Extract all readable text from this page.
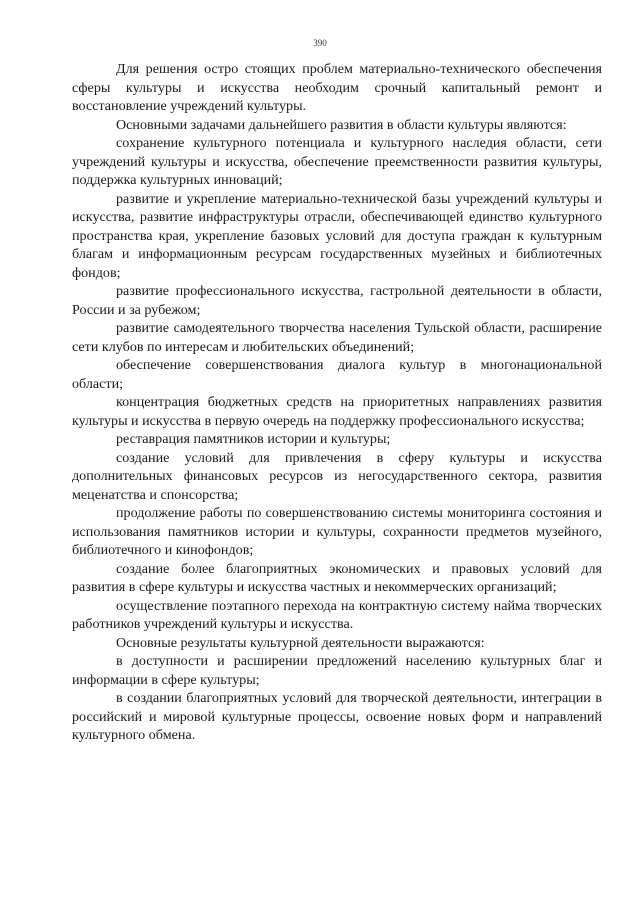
390

Для решения остро стоящих проблем материально-технического обеспечения сферы культуры и искусства необходим срочный капитальный ремонт и восстановление учреждений культуры.

Основными задачами дальнейшего развития в области культуры являются:

сохранение культурного потенциала и культурного наследия области, сети учреждений культуры и искусства, обеспечение преемственности развития культуры, поддержка культурных инноваций;

развитие и укрепление материально-технической базы учреждений культуры и искусства, развитие инфраструктуры отрасли, обеспечивающей единство культурного пространства края, укрепление базовых условий для доступа граждан к культурным благам и информационным ресурсам государственных музейных и библиотечных фондов;

развитие профессионального искусства, гастрольной деятельности в области, России и за рубежом;

развитие самодеятельного творчества населения Тульской области, расширение сети клубов по интересам и любительских объединений;

обеспечение совершенствования диалога культур в многонациональной области;

концентрация бюджетных средств на приоритетных направлениях развития культуры и искусства в первую очередь на поддержку профессионального искусства;

реставрация памятников истории и культуры;

создание условий для привлечения в сферу культуры и искусства дополнительных финансовых ресурсов из негосударственного сектора, развития меценатства и спонсорства;

продолжение работы по совершенствованию системы мониторинга состояния и использования памятников истории и культуры, сохранности предметов музейного, библиотечного и кинофондов;

создание более благоприятных экономических и правовых условий для развития в сфере культуры и искусства частных и некоммерческих организаций;

осуществление поэтапного перехода на контрактную систему найма творческих работников учреждений культуры и искусства.

Основные результаты культурной деятельности выражаются:

в доступности и расширении предложений населению культурных благ и информации в сфере культуры;

в создании благоприятных условий для творческой деятельности, интеграции в российский и мировой культурные процессы, освоение новых форм и направлений культурного обмена.
